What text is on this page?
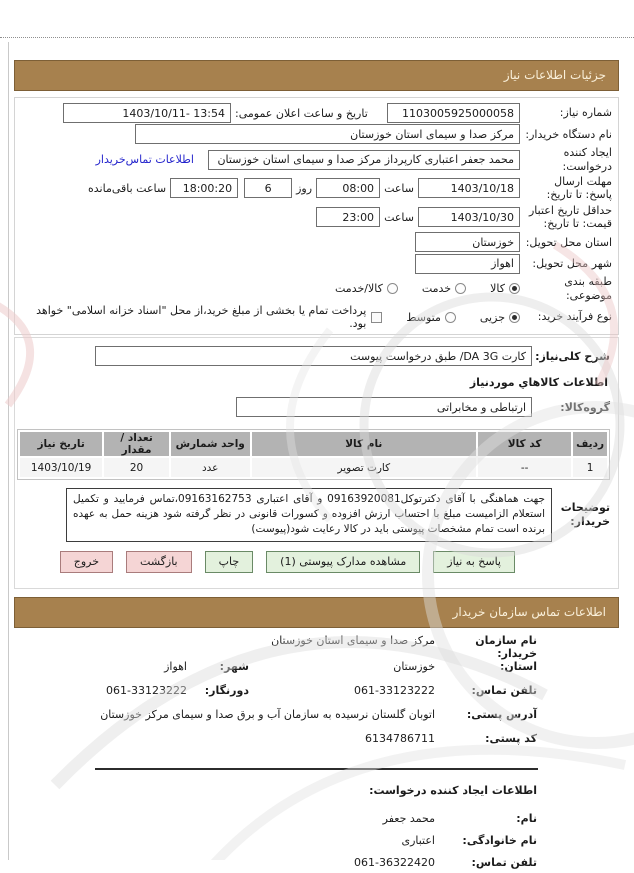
جزئیات اطلاعات نیاز
شماره نیاز:
1103005925000058
تاریخ و ساعت اعلان عمومی:
1403/10/11- 13:54
نام دستگاه خریدار:
مرکز صدا و سیمای استان خوزستان
ایجاد کننده درخواست:
محمد جعفر اعتباری کارپرداز مرکز صدا و سیمای استان خوزستان
اطلاعات تماس‌خریدار
مهلت ارسال پاسخ: تا تاریخ:
1403/10/18
ساعت
08:00
روز
6
18:00:20
ساعت باقی‌مانده
حداقل تاریخ اعتبار قیمت: تا تاریخ:
1403/10/30
ساعت
23:00
استان محل تحویل:
خوزستان
شهر محل تحویل:
اهواز
طبقه بندی موضوعی:
کالا
خدمت
کالا/خدمت
نوع فرآیند خرید:
جزیی
متوسط
پرداخت تمام یا بخشی از مبلغ خرید،از محل "اسناد خزانه اسلامی" خواهد بود.
شرح کلی‌نیاز:
کارت DA 3G/ طبق درخواست پیوست
اطلاعات کالاهاي موردنیاز
گروه‌کالا:
ارتباطی و مخابراتی
ردیف	کد کالا	نام کالا	واحد شمارش	تعداد / مقدار	تاریخ نیاز
1	--	کارت تصویر	عدد	20	1403/10/19
توضیحات خریدار:
جهت هماهنگی با آقای دکترتوکل09163920081 و آقای اعتباری 09163162753،تماس فرمایید و تکمیل استعلام الزامیست مبلغ با احتساب ارزش افزوده و کسورات قانونی در نظر گرفته شود هزینه حمل به عهده برنده است تمام مشخصات پیوستی باید در کالا رعایت شود(پیوست)
پاسخ به نیاز
مشاهده مدارک پیوستی (1)
چاپ
بازگشت
خروج
اطلاعات تماس سازمان خریدار
نام سازمان خریدار:
مرکز صدا و سیمای استان خوزستان
استان:
خوزستان
شهر:
اهواز
تلفن تماس:
061-33123222
دورنگار:
061-33123222
آدرس پستی:
اتوبان گلستان نرسیده به سازمان آب و برق صدا و سیمای مرکز خوزستان
کد پستی:
6134786711
اطلاعات ایجاد کننده درخواست:
نام:
محمد جعفر
نام خانوادگی:
اعتباری
تلفن تماس:
061-36322420
